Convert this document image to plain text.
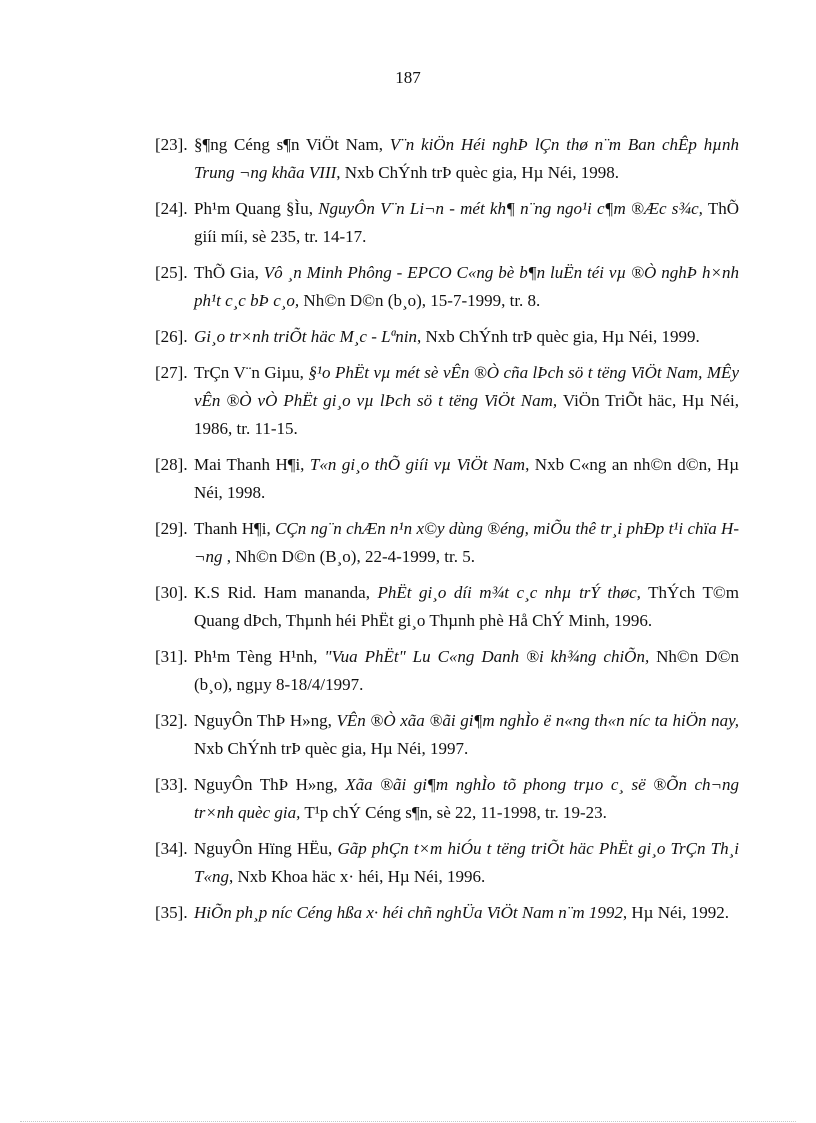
187
[23]. §¶ng Céng s¶n ViÖt Nam, V¨n kiÖn Héi nghÞ lÇn thø n¨m Ban chÊp hµnh Trung ¬ng khãa VIII, Nxb ChÝnh trÞ quèc gia, Hµ Néi, 1998.
[24]. Ph¹m Quang §Ìu, NguyÔn V¨n Li¬n - mét kh¶ n¨ng ngo¹i c¶m ®Æc s¾c, ThÕ giíi míi, sè 235, tr. 14-17.
[25]. ThÕ Gia, Vô ¸n Minh Phông - EPCO C«ng bè b¶n luËn téi vµ ®Ò nghÞ h×nh ph¹t c¸c bÞ c¸o, Nh©n D©n (b¸o), 15-7-1999, tr. 8.
[26]. Gi¸o tr×nh triÕt häc M¸c - Lªnin, Nxb ChÝnh trÞ quèc gia, Hµ Néi, 1999.
[27]. TrÇn V¨n Giµu, §¹o PhËt vµ mét sè vÊn ®Ò cña lÞch sö t tëng ViÖt Nam, MÊy vÊn ®Ò vÒ PhËt gi¸o vµ lÞch sö t tëng ViÖt Nam, ViÖn TriÕt häc, Hµ Néi, 1986, tr. 11-15.
[28]. Mai Thanh H¶i, T«n gi¸o thÕ giíi vµ ViÖt Nam, Nxb C«ng an nh©n d©n, Hµ Néi, 1998.
[29]. Thanh H¶i, CÇn ng¨n chÆn n¹n x©y dùng ®éng, miÕu thê tr¸i phÐp t¹i chïa H¬ng , Nh©n D©n (B¸o), 22-4-1999, tr. 5.
[30]. K.S Rid. Ham mananda, PhËt gi¸o díi m¾t c¸c nhµ trÝ thøc, ThÝch T©m Quang dÞch, Thµnh héi PhËt gi¸o Thµnh phè Hå ChÝ Minh, 1996.
[31]. Ph¹m Tèng H¹nh, "Vua PhËt" Lu C«ng Danh ®i kh¾ng chiÕn, Nh©n D©n (b¸o), ngµy 8-18/4/1997.
[32]. NguyÔn ThÞ H»ng, VÊn ®Ò xãa ®ãi gi¶m nghÌo ë n«ng th«n níc ta hiÖn nay, Nxb ChÝnh trÞ quèc gia, Hµ Néi, 1997.
[33]. NguyÔn ThÞ H»ng, Xãa ®ãi gi¶m nghÌo tõ phong trµo c¸ së ®Õn ch¬ng tr×nh quèc gia, T¹p chÝ Céng s¶n, sè 22, 11-1998, tr. 19-23.
[34]. NguyÔn Hïng HËu, Gãp phÇn t×m hiÓu t tëng triÕt häc PhËt gi¸o TrÇn Th¸i T«ng, Nxb Khoa häc x· héi, Hµ Néi, 1996.
[35]. HiÕn ph¸p níc Céng hßa x· héi chñ nghÜa ViÖt Nam n¨m 1992, Hµ Néi, 1992.
